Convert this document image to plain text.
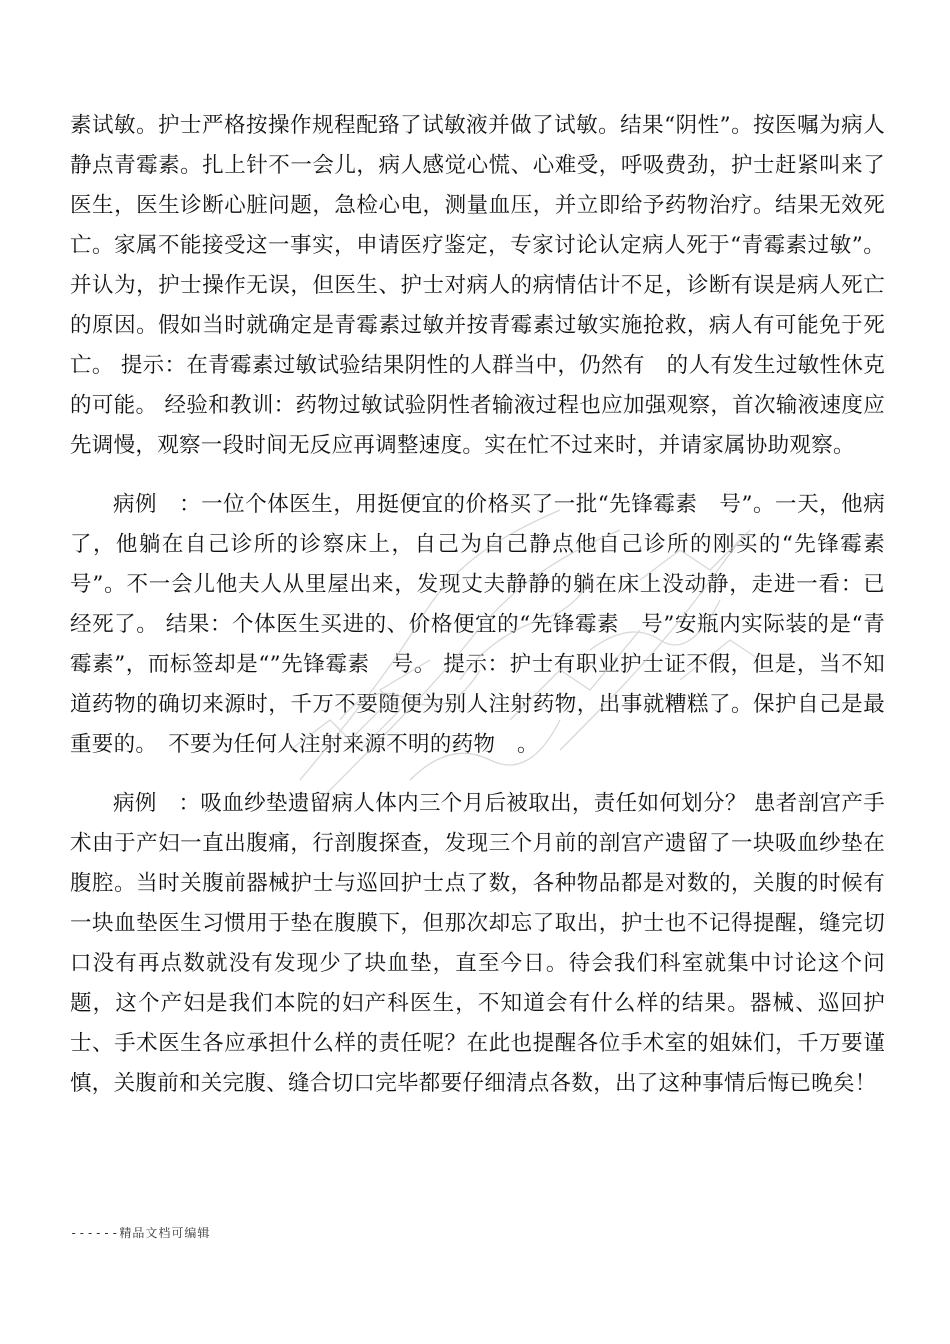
素试敏。护士严格按操作规程配臵了试敏液并做了试敏。结果“阴性”。按医嘱为病人静点青霉素。扎上针不一会儿，病人感觉心慌、心难受，呼吸费劲，护士赶紧叫来了医生，医生诊断心脏问题，急检心电，测量血压，并立即给予药物治疗。结果无效死亡。家属不能接受这一事实，申请医疗鉴定，专家讨论认定病人死于“青霉素过敏”。并认为，护士操作无误，但医生、护士对病人的病情估计不足，诊断有误是病人死亡的原因。假如当时就确定是青霉素过敏并按青霉素过敏实施抢救，病人有可能免于死亡。 提示：在青霉素过敏试验结果阴性的人群当中，仍然有　的人有发生过敏性休克的可能。 经验和教训：药物过敏试验阴性者输液过程也应加强观察，首次输液速度应先调慢，观察一段时间无反应再调整速度。实在忙不过来时，并请家属协助观察。

病例　：一位个体医生，用挺便宜的价格买了一批“先锋霉素　号”。一天，他病了，他躺在自己诊所的诊察床上，自己为自己静点他自己诊所的刚买的“先锋霉素　号”。不一会儿他夫人从里屋出来，发现丈夫静静的躺在床上没动静，走进一看：已经死了。 结果：个体医生买进的、价格便宜的“先锋霉素　号”安瓶内实际装的是“青霉素”，而标签却是“”先锋霉素　号。 提示：护士有职业护士证不假，但是，当不知道药物的确切来源时，千万不要随便为别人注射药物，出事就糟糕了。保护自己是最重要的。　不要为任何人注射来源不明的药物　。

病例　：吸血纱垫遗留病人体内三个月后被取出，责任如何划分？ 患者剖宫产手术由于产妇一直出腹痛，行剖腹探查，发现三个月前的剖宫产遗留了一块吸血纱垫在腹腔。当时关腹前器械护士与巡回护士点了数，各种物品都是对数的，关腹的时候有一块血垫医生习惯用于垫在腹膜下，但那次却忘了取出，护士也不记得提醒，缝完切口没有再点数就没有发现少了块血垫，直至今日。待会我们科室就集中讨论这个问题，这个产妇是我们本院的妇产科医生，不知道会有什么样的结果。器械、巡回护士、手术医生各应承担什么样的责任呢？在此也提醒各位手术室的姐妹们，千万要谨慎，关腹前和关完腹、缝合切口完毕都要仔细清点各数，出了这种事情后悔已晚矣！

------精品文档可编辑
